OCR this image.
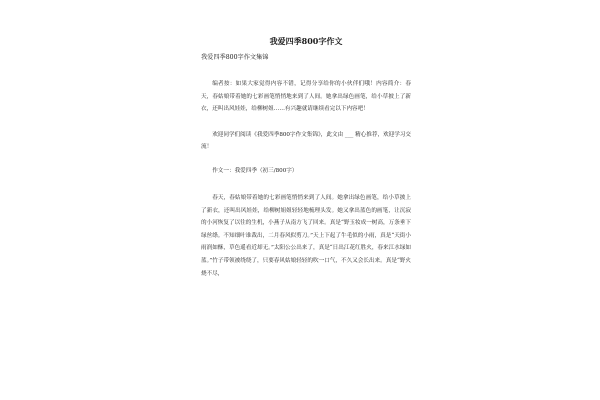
我爱四季800字作文
我爱四季800字作文集锦

编者按：如果大家觉得内容不错，记得分享给你的小伙伴们哦！内容简介：春天，春姑娘带着她的七彩画笔悄悄地来到了人间。她拿出绿色画笔，给小草披上了新衣，还叫出风娃娃，给柳树姐……有兴趣就请继续看完以下内容吧！

欢迎同学们阅读《我爱四季800字作文集锦》，此文由 ___ 精心推荐，欢迎学习交流！

作文一：我爱四季（初三/800字）

春天，春姑娘带着她的七彩画笔悄悄来到了人间。她拿出绿色画笔，给小草披上了新衣，还叫出风娃娃，给柳树姐姐轻轻地梳理头发。她又拿出蓝色的画笔，让沉寂的小河恢复了以往的生机，小燕子从南方飞了回来。真是“野玉妆成一树高，万条垂下绿丝绦。不知细叶谁裁出，二月春风似剪刀。”天上下起了牛毛似的小雨，真是“天街小雨润如酥，草色遥看近却无。”太阳公公出来了，真是“日出江花红胜火，春来江水绿如蓝。”竹子带领被绕绕了，只要春风姑娘轻轻的吹一口气，不久又会长出来。真是“野火烧不尽，
